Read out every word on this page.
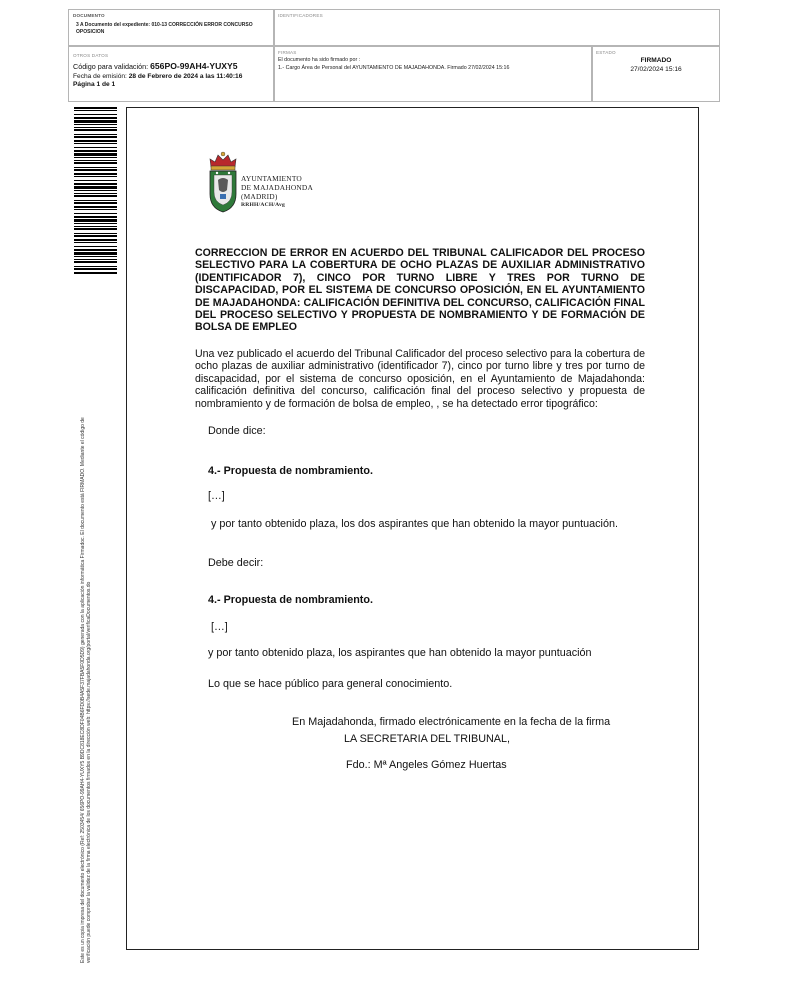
DOCUMENTO
3 A Documento del expediente: 010-13 CORRECCIÓN ERROR CONCURSO OPOSICION
IDENTIFICADORES
OTROS DATOS
Código para validación: 656PO-99AH4-YUXY5
Fecha de emisión: 28 de Febrero de 2024 a las 11:40:16
Página 1 de 1
FIRMAS
El documento ha sido firmado por :
1.- Cargo Área de Personal del AYUNTAMIENTO DE MAJADAHONDA. Firmado 27/02/2024 15:16
ESTADO
FIRMADO
27/02/2024 15:16
Este es un copia impresa del documento electrónico (Ref: 2503454/ 656PO-99AH4-YUXY5 B9DC818EC8DF04B6FD0B4A5F37FBA5F0D5D9) generada con la aplicación informática Firmadoc. El documento está FIRMADO. Mediante el código de verificación puede comprobar la validez de la firma electrónica de los documentos firmados en la dirección web: https://sede.majadahonda.org/portal/verificaDocumentos.do
AYUNTAMIENTO
DE MAJADAHONDA
(MADRID)
RRHH/ACH/Avg
CORRECCION DE ERROR EN ACUERDO DEL TRIBUNAL CALIFICADOR DEL PROCESO SELECTIVO PARA LA COBERTURA DE OCHO PLAZAS DE AUXILIAR ADMINISTRATIVO (IDENTIFICADOR 7), CINCO POR TURNO LIBRE Y TRES POR TURNO DE DISCAPACIDAD, POR EL SISTEMA DE CONCURSO OPOSICIÓN, EN EL AYUNTAMIENTO DE MAJADAHONDA: CALIFICACIÓN DEFINITIVA DEL CONCURSO, CALIFICACIÓN FINAL DEL PROCESO SELECTIVO Y PROPUESTA DE NOMBRAMIENTO Y DE FORMACIÓN DE BOLSA DE EMPLEO
Una vez publicado el acuerdo del Tribunal Calificador del proceso selectivo para la cobertura de ocho plazas de auxiliar administrativo (identificador 7), cinco por turno libre y tres por turno de discapacidad, por el sistema de concurso oposición, en el Ayuntamiento de Majadahonda: calificación definitiva del concurso, calificación final del proceso selectivo y propuesta de nombramiento y de formación de bolsa de empleo, , se ha detectado error tipográfico:
Donde dice:
4.- Propuesta de nombramiento.
[…]
y por tanto obtenido plaza, los dos aspirantes que han obtenido la mayor puntuación.
Debe decir:
4.- Propuesta de nombramiento.
[…]
y por tanto obtenido plaza, los aspirantes que han obtenido la mayor puntuación
Lo que se hace público para general conocimiento.
En Majadahonda, firmado electrónicamente en la fecha de la firma
LA SECRETARIA DEL TRIBUNAL,
Fdo.: Mª Angeles Gómez Huertas
